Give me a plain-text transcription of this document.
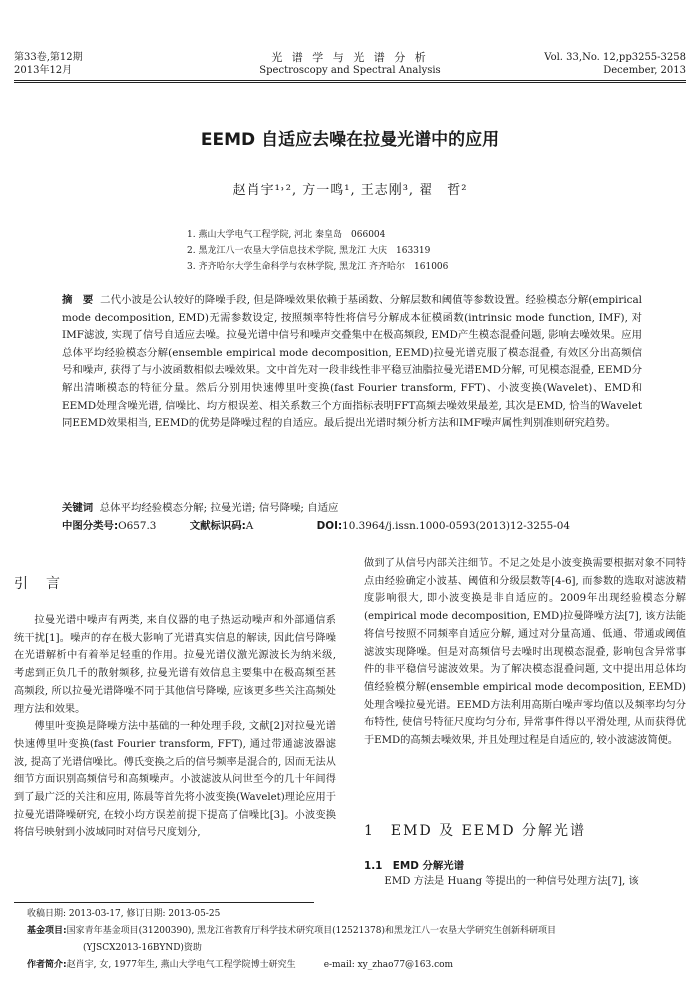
第33卷,第12期
2013年12月
光 谱 学 与 光 谱 分 析
Spectroscopy and Spectral Analysis
Vol. 33,No. 12,pp3255-3258
December, 2013
EEMD 自适应去噪在拉曼光谱中的应用
赵肖宇¹˒², 方一鸣¹, 王志刚³, 翟　哲²
1. 燕山大学电气工程学院, 河北 秦皇岛　066004
2. 黑龙江八一农垦大学信息技术学院, 黑龙江 大庆　163319
3. 齐齐哈尔大学生命科学与农林学院, 黑龙江 齐齐哈尔　161006
摘　要 二代小波是公认较好的降噪手段, 但是降噪效果依赖于基函数、分解层数和阈值等参数设置。经验模态分解(empirical mode decomposition, EMD)无需参数设定, 按照频率特性将信号分解成本征模函数(intrinsic mode function, IMF), 对IMF滤波, 实现了信号自适应去噪。拉曼光谱中信号和噪声交叠集中在极高频段, EMD产生模态混叠问题, 影响去噪效果。应用总体平均经验模态分解(ensemble empirical mode decomposition, EEMD)拉曼光谱克服了模态混叠, 有效区分出高频信号和噪声, 获得了与小波函数相似去噪效果。文中首先对一段非线性非平稳豆油脂拉曼光谱EMD分解, 可见模态混叠, EEMD分解出清晰模态的特征分量。然后分别用快速傅里叶变换(fast Fourier transform, FFT)、小波变换(Wavelet)、EMD和EEMD处理含噪光谱, 信噪比、均方根误差、相关系数三个方面指标表明FFT高频去噪效果最差, 其次是EMD, 恰当的Wavelet同EEMD效果相当, EEMD的优势是降噪过程的自适应。最后提出光谱时频分析方法和IMF噪声属性判别准则研究趋势。
关键词 总体平均经验模态分解; 拉曼光谱; 信号降噪; 自适应
中图分类号:O657.3	文献标识码:A	DOI:10.3964/j.issn.1000-0593(2013)12-3255-04
引　言

拉曼光谱中噪声有两类, 来自仪器的电子热运动噪声和外部通信系统干扰[1]。噪声的存在极大影响了光谱真实信息的解读, 因此信号降噪在光谱解析中有着举足轻重的作用。拉曼光谱仪激光源波长为纳米级, 考虑到正负几千的散射频移, 拉曼光谱有效信息主要集中在极高频至甚高频段, 所以拉曼光谱降噪不同于其他信号降噪, 应该更多些关注高频处理方法和效果。

傅里叶变换是降噪方法中基础的一种处理手段, 文献[2]对拉曼光谱快速傅里叶变换(fast Fourier transform, FFT), 通过带通滤波器滤波, 提高了光谱信噪比。傅氏变换之后的信号频率是混合的, 因而无法从细节方面识别高频信号和高频噪声。小波滤波从问世至今的几十年间得到了最广泛的关注和应用, 陈晨等首先将小波变换(Wavelet)理论应用于拉曼光谱降噪研究, 在较小均方误差前提下提高了信噪比[3]。小波变换将信号映射到小波域同时对信号尺度划分,

做到了从信号内部关注细节。不足之处是小波变换需要根据对象不同特点由经验确定小波基、阈值和分级层数等[4-6], 而参数的选取对滤波精度影响很大, 即小波变换是非自适应的。2009年出现经验模态分解(empirical mode decomposition, EMD)拉曼降噪方法[7], 该方法能将信号按照不同频率自适应分解, 通过对分量高通、低通、带通或阈值滤波实现降噪。但是对高频信号去噪时出现模态混叠, 影响包含异常事件的非平稳信号滤波效果。为了解决模态混叠问题, 文中提出用总体均值经验模分解(ensemble empirical mode decomposition, EEMD)处理含噪拉曼光谱。EEMD方法利用高斯白噪声零均值以及频率均匀分布特性, 使信号特征尺度均匀分布, 异常事件得以平滑处理, 从而获得优于EMD的高频去噪效果, 并且处理过程是自适应的, 较小波滤波简便。

1　EMD 及 EEMD 分解光谱
1.1　EMD 分解光谱

EMD 方法是 Huang 等提出的一种信号处理方法[7], 该

收稿日期: 2013-03-17, 修订日期: 2013-05-25
基金项目:国家青年基金项目(31200390), 黑龙江省教育厅科学技术研究项目(12521378)和黑龙江八一农垦大学研究生创新科研项目
(YJSCX2013-16BYND)资助
作者简介:赵肖宇, 女, 1977年生, 燕山大学电气工程学院博士研究生	e-mail: xy_zhao77@163.com
